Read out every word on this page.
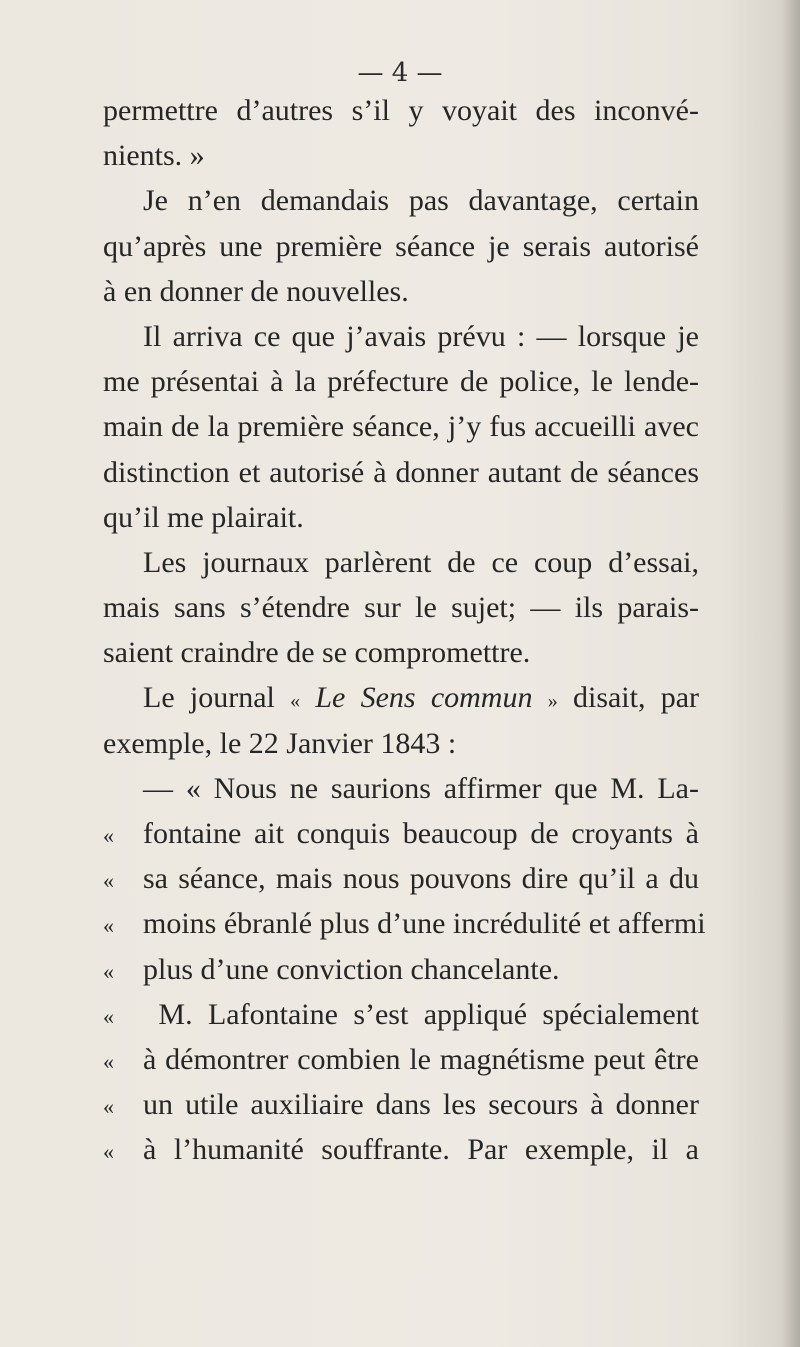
— 4 —

permettre d’autres s’il y voyait des inconvé-
nients. »
Je n’en demandais pas davantage, certain
qu’après une première séance je serais autorisé
à en donner de nouvelles.
Il arriva ce que j’avais prévu : — lorsque je
me présentai à la préfecture de police, le lende-
main de la première séance, j’y fus accueilli avec
distinction et autorisé à donner autant de séances
qu’il me plairait.
Les journaux parlèrent de ce coup d’essai,
mais sans s’étendre sur le sujet; — ils parais-
saient craindre de se compromettre.
Le journal « Le Sens commun » disait, par
exemple, le 22 Janvier 1843 :
— « Nous ne saurions affirmer que M. La-
« fontaine ait conquis beaucoup de croyants à
« sa séance, mais nous pouvons dire qu’il a du
« moins ébranlé plus d’une incrédulité et affermi
« plus d’une conviction chancelante.
« M. Lafontaine s’est appliqué spécialement
« à démontrer combien le magnétisme peut être
« un utile auxiliaire dans les secours à donner
« à l’humanité souffrante. Par exemple, il a
